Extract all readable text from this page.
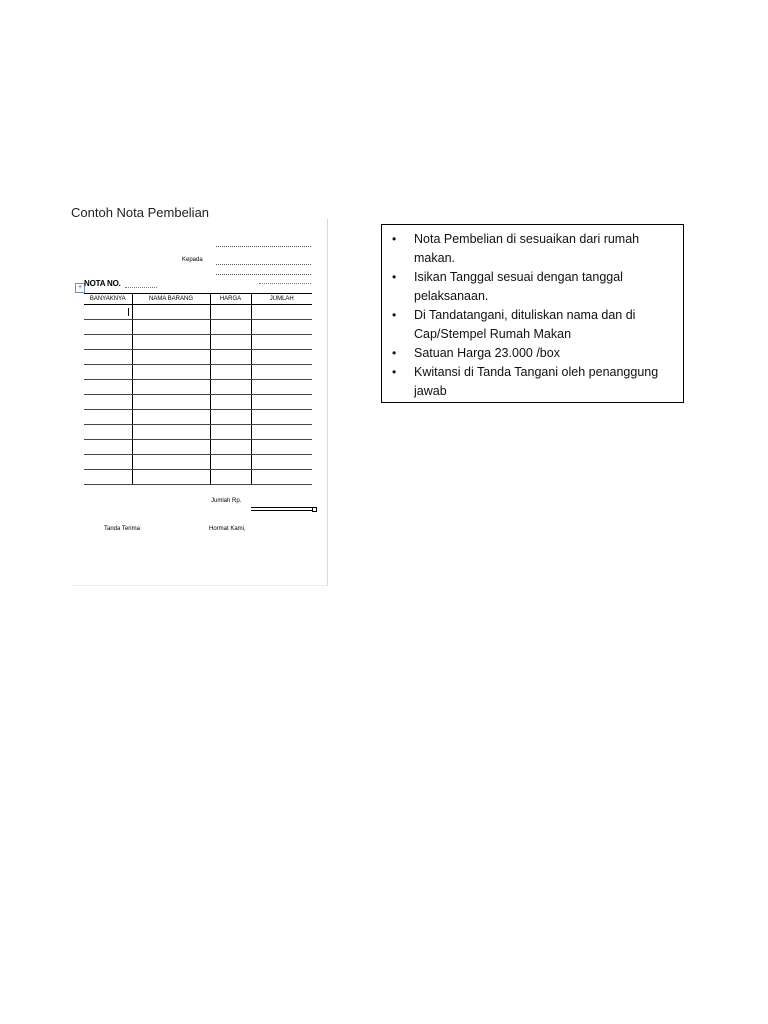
Contoh Nota Pembelian
Kepada
+ NOTA NO.
BANYAKNYA	NAMA BARANG	HARGA	JUMLAH

Jumlah Rp.
Tanda Terima	Hormat Kami,
• Nota Pembelian di sesuaikan dari rumah makan.
• Isikan Tanggal sesuai dengan tanggal pelaksanaan.
• Di Tandatangani, dituliskan nama dan di Cap/Stempel Rumah Makan
• Satuan Harga 23.000 /box
• Kwitansi di Tanda Tangani oleh penanggung jawab
